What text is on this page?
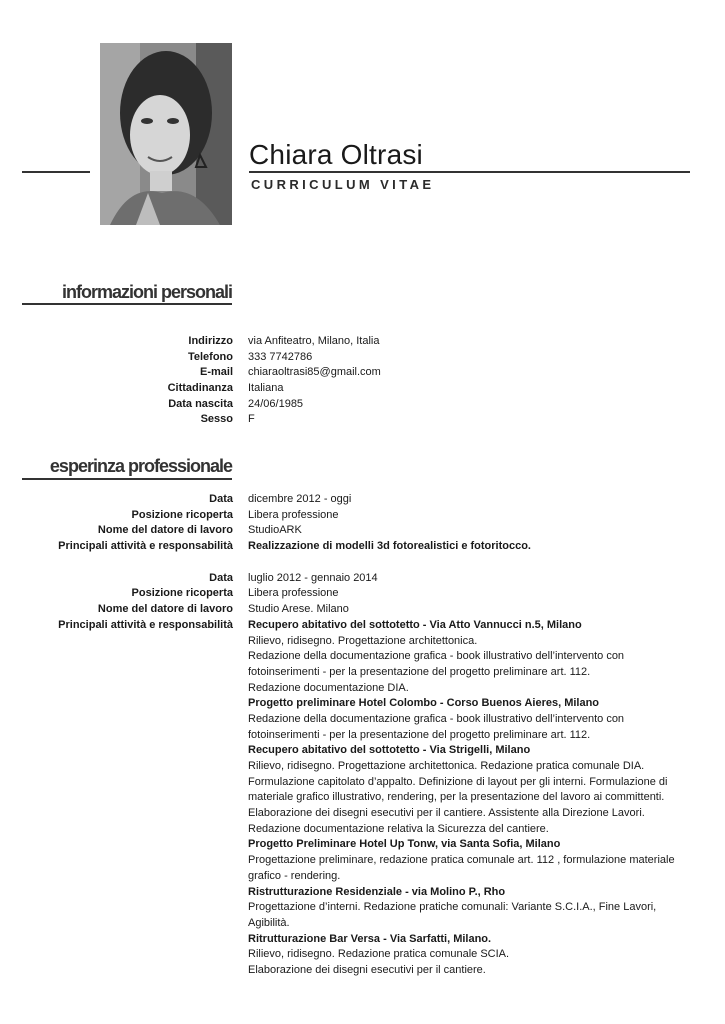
Chiara Oltrasi
CURRICULUM VITAE
informazioni personali
Indirizzo via Anfiteatro, Milano, Italia
Telefono 333 7742786
E-mail chiaraoltrasi85@gmail.com
Cittadinanza Italiana
Data nascita 24/06/1985
Sesso F
esperinza professionale
Data dicembre 2012 - oggi
Posizione ricoperta Libera professione
Nome del datore di lavoro StudioARK
Principali attività e responsabilità Realizzazione di modelli 3d fotorealistici e fotoritocco.
Data luglio 2012 - gennaio 2014
Posizione ricoperta Libera professione
Nome del datore di lavoro Studio Arese. Milano
Principali attività e responsabilità Recupero abitativo del sottotetto - Via Atto Vannucci n.5, Milano
Rilievo, ridisegno. Progettazione architettonica.
Redazione della documentazione grafica - book illustrativo dell’intervento con
fotoinserimenti - per la presentazione del progetto preliminare art. 112.
Redazione documentazione DIA.
Progetto preliminare Hotel Colombo - Corso Buenos Aieres, Milano
Redazione della documentazione grafica - book illustrativo dell’intervento con
fotoinserimenti - per la presentazione del progetto preliminare art. 112.
Recupero abitativo del sottotetto - Via Strigelli, Milano
Rilievo, ridisegno. Progettazione architettonica. Redazione pratica comunale DIA.
Formulazione capitolato d’appalto. Definizione di layout per gli interni. Formulazione di
materiale grafico illustrativo, rendering, per la presentazione del lavoro ai committenti.
Elaborazione dei disegni esecutivi per il cantiere. Assistente alla Direzione Lavori.
Redazione documentazione relativa la Sicurezza del cantiere.
Progetto Preliminare Hotel Up Tonw, via Santa Sofia, Milano
Progettazione preliminare, redazione pratica comunale art. 112 , formulazione materiale
grafico - rendering.
Ristrutturazione Residenziale - via Molino P., Rho
Progettazione d’interni. Redazione pratiche comunali: Variante S.C.I.A., Fine Lavori,
Agibilità.
Ritrutturazione Bar Versa - Via Sarfatti, Milano.
Rilievo, ridisegno. Redazione pratica comunale SCIA.
Elaborazione dei disegni esecutivi per il cantiere.
